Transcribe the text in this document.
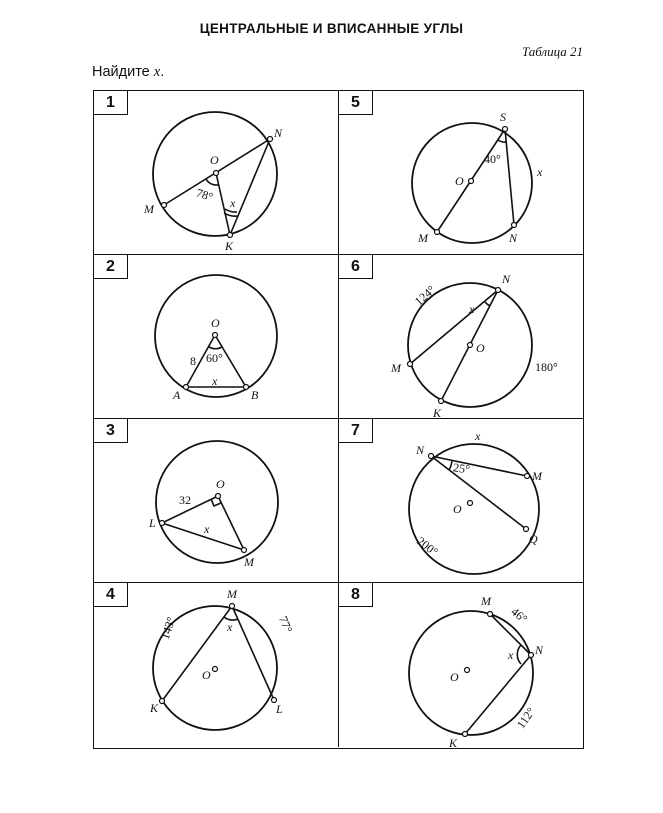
ЦЕНТРАЛЬНЫЕ И ВПИСАННЫЕ УГЛЫ
Таблица 21
Найдите x.
1
O
N
M
K
78° x
5
S
O
M	N
40°
x
2
O
A	B
8 60°
x
6
N
O
M
K
124°
180°
x
3
O
L
M
32
x
7
N
M
Q
O
25°
200°
x
4	M
K	L
O
143°	77°
x
8	M
N
K
O
46°
112°
x
